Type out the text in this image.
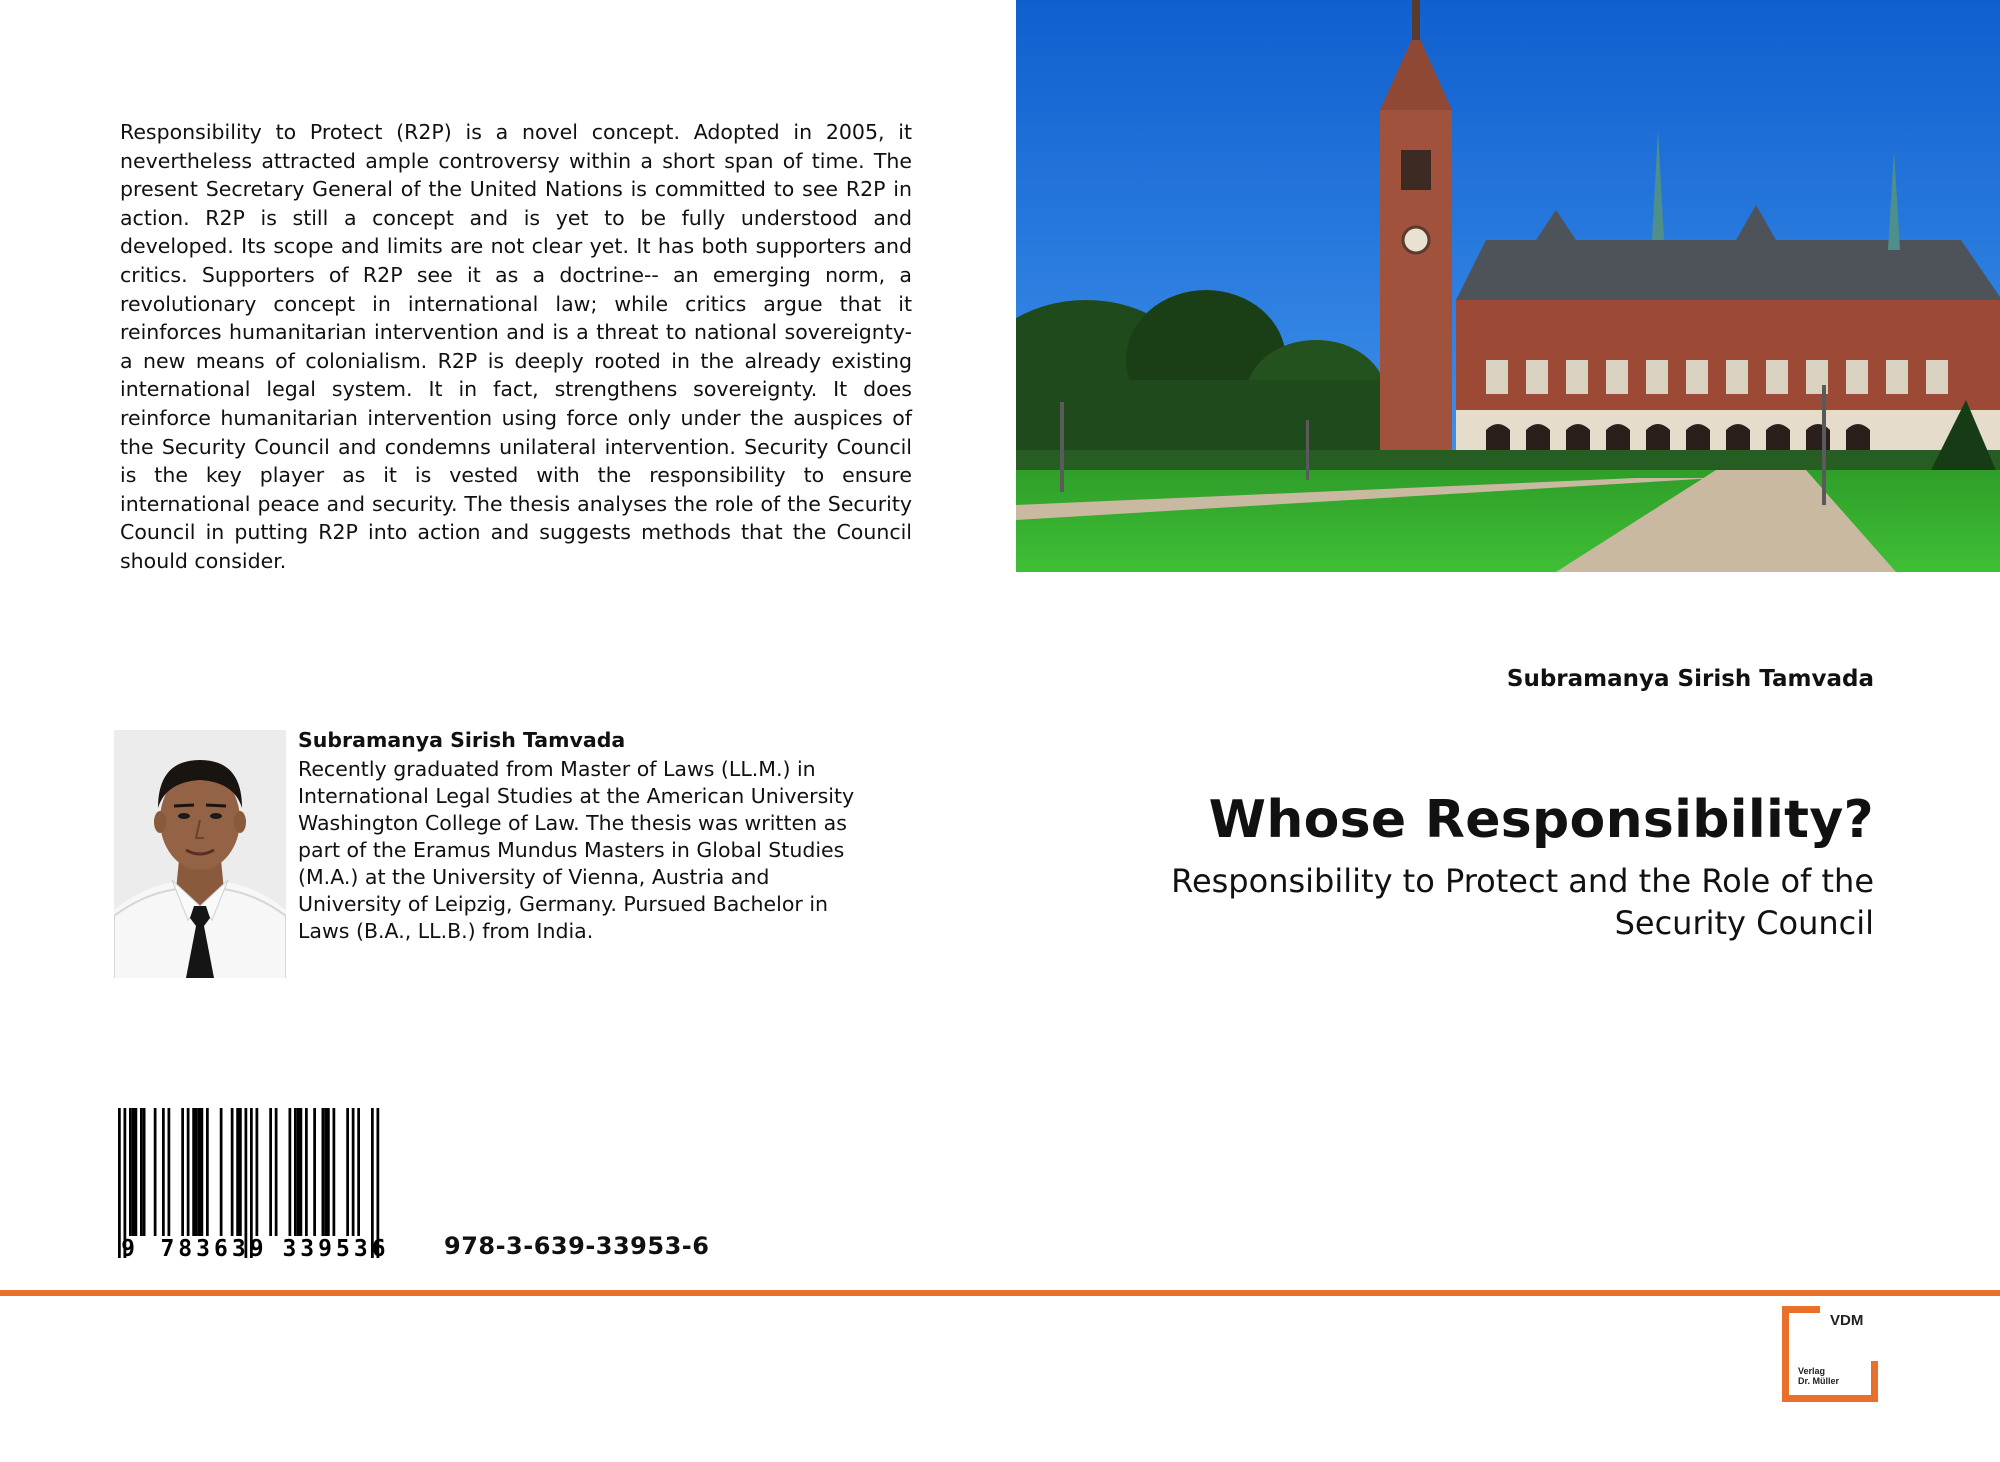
Responsibility to Protect (R2P) is a novel concept. Adopted in 2005, it nevertheless attracted ample controversy within a short span of time. The present Secretary General of the United Nations is committed to see R2P in action. R2P is still a concept and is yet to be fully understood and developed. Its scope and limits are not clear yet. It has both supporters and critics. Supporters of R2P see it as a doctrine-- an emerging norm, a revolutionary concept in international law; while critics argue that it reinforces humanitarian intervention and is a threat to national sovereignty-a new means of colonialism. R2P is deeply rooted in the already existing international legal system. It in fact, strengthens sovereignty. It does reinforce humanitarian intervention using force only under the auspices of the Security Council and condemns unilateral intervention. Security Council is the key player as it is vested with the responsibility to ensure international peace and security. The thesis analyses the role of the Security Council in putting R2P into action and suggests methods that the Council should consider.

Subramanya Sirish Tamvada

Recently graduated from Master of Laws (LL.M.) in International Legal Studies at the American University Washington College of Law. The thesis was written as part of the Eramus Mundus Masters in Global Studies (M.A.) at the University of Vienna, Austria and University of Leipzig, Germany. Pursued Bachelor in Laws (B.A., LL.B.) from India.

9 783639 339536 978-3-639-33953-6
Subramanya Sirish Tamvada
Whose Responsibility?
Responsibility to Protect and the Role of the Security Council
VDM
Verlag
Dr. Müller
